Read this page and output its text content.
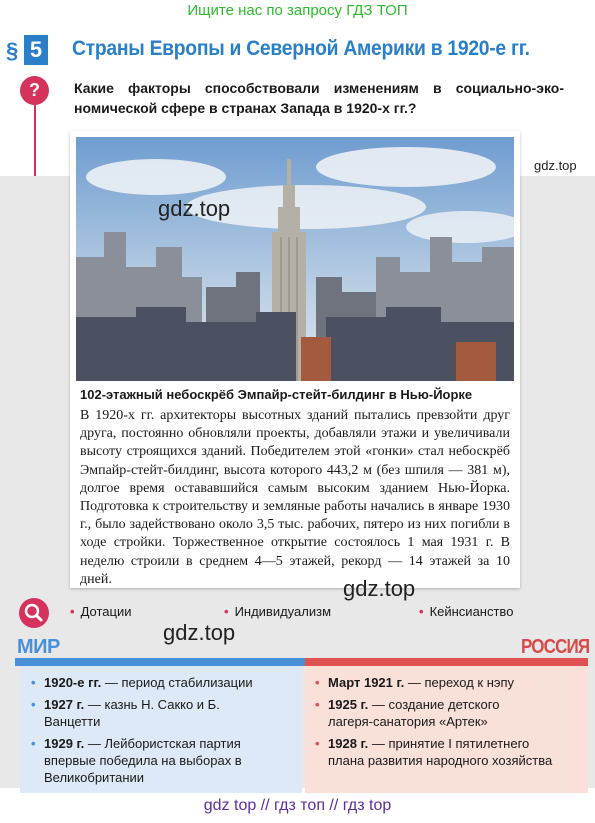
Ищите нас по запросу ГДЗ ТОП
§ 5 Страны Европы и Северной Америки в 1920-е гг.
?	Какие факторы способствовали изменениям в социально-эко-номической сфере в странах Запада в 1920-х гг.?
102-этажный небоскрёб Эмпайр-стейт-билдинг в Нью-Йорке
В 1920-х гг. архитекторы высотных зданий пытались превзойти друг друга, постоянно обновляли проекты, добавляли этажи и увеличивали высоту строящихся зданий. Победителем этой «гонки» стал небоскрёб Эмпайр-стейт-билдинг, высота которого 443,2 м (без шпиля — 381 м), долгое время остававшийся самым высоким зданием Нью-Йорка. Подготовка к строительству и земляные работы начались в январе 1930 г., было задействовано около 3,5 тыс. рабочих, пятеро из них погибли в ходе стройки. Торжественное открытие состоялось 1 мая 1931 г. В неделю строили в среднем 4—5 этажей, рекорд — 14 этажей за 10 дней.
gdz.top
gdz.top
gdz.top
gdz.top
• Дотации	• Индивидуализм	• Кейнсианство
МИР	РОССИЯ
• 1920-е гг. — период стабилизации
• 1927 г. — казнь Н. Сакко и Б. Ванцетти
• 1929 г. — Лейбористская партия впервые победила на выборах в Великобритании
• Март 1921 г. — переход к нэпу
• 1925 г. — создание детского лагеря-санатория «Артек»
• 1928 г. — принятие I пятилетнего плана развития народного хозяйства
gdz top // гдз топ // гдз top
